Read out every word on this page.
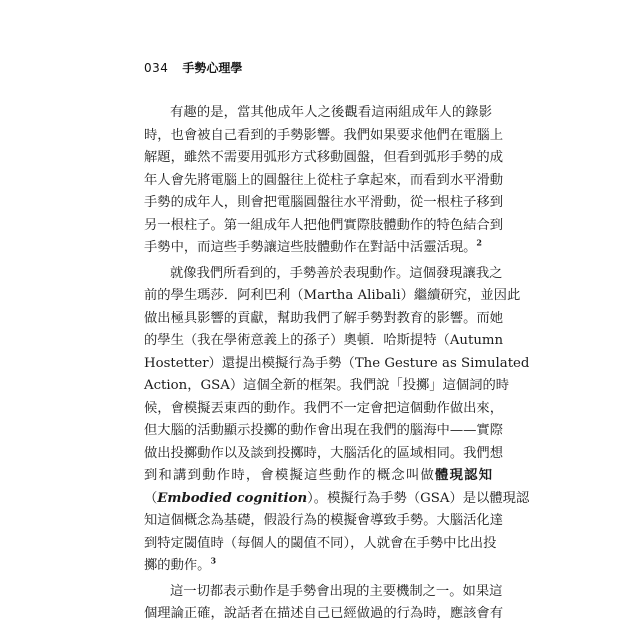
034 手勢心理學
有趣的是，當其他成年人之後觀看這兩組成年人的錄影
時，也會被自己看到的手勢影響。我們如果要求他們在電腦上
解題，雖然不需要用弧形方式移動圓盤，但看到弧形手勢的成
年人會先將電腦上的圓盤往上從柱子拿起來，而看到水平滑動
手勢的成年人，則會把電腦圓盤往水平滑動，從一根柱子移到
另一根柱子。第一組成年人把他們實際肢體動作的特色結合到
手勢中，而這些手勢讓這些肢體動作在對話中活靈活現。$^2$
就像我們所看到的，手勢善於表現動作。這個發現讓我之
前的學生瑪莎．阿利巴利（Martha Alibali）繼續研究，並因此
做出極具影響的貢獻，幫助我們了解手勢對教育的影響。而她
的學生（我在學術意義上的孫子）奧頓．哈斯提特（Autumn
Hostetter）還提出模擬行為手勢（The Gesture as Simulated
Action，GSA）這個全新的框架。我們說「投擲」這個詞的時
候，會模擬丟東西的動作。我們不一定會把這個動作做出來，
但大腦的活動顯示投擲的動作會出現在我們的腦海中——實際
做出投擲動作以及談到投擲時，大腦活化的區域相同。我們想
到和講到動作時，會模擬這些動作的概念叫做體現認知
（Embodied cognition）。模擬行為手勢（GSA）是以體現認
知這個概念為基礎，假設行為的模擬會導致手勢。大腦活化達
到特定閾值時（每個人的閾值不同），人就會在手勢中比出投
擲的動作。$^3$
這一切都表示動作是手勢會出現的主要機制之一。如果這
個理論正確，說話者在描述自己已經做過的行為時，應該會有
